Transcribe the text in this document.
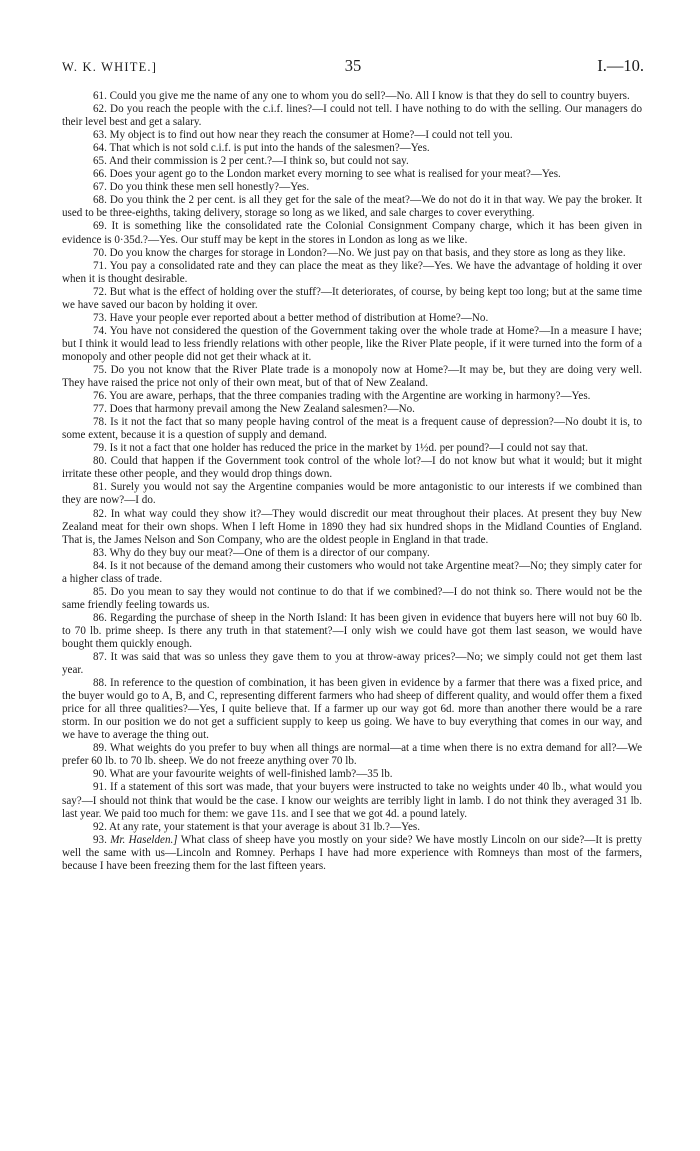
W. K. WHITE.]	35	I.—10.

61. Could you give me the name of any one to whom you do sell?—No. All I know is that they do sell to country buyers.

62. Do you reach the people with the c.i.f. lines?—I could not tell. I have nothing to do with the selling. Our managers do their level best and get a salary.

63. My object is to find out how near they reach the consumer at Home?—I could not tell you.

64. That which is not sold c.i.f. is put into the hands of the salesmen?—Yes.

65. And their commission is 2 per cent.?—I think so, but could not say.

66. Does your agent go to the London market every morning to see what is realised for your meat?—Yes.

67. Do you think these men sell honestly?—Yes.

68. Do you think the 2 per cent. is all they get for the sale of the meat?—We do not do it in that way. We pay the broker. It used to be three-eighths, taking delivery, storage so long as we liked, and sale charges to cover everything.

69. It is something like the consolidated rate the Colonial Consignment Company charge, which it has been given in evidence is 0·35d.?—Yes. Our stuff may be kept in the stores in London as long as we like.

70. Do you know the charges for storage in London?—No. We just pay on that basis, and they store as long as they like.

71. You pay a consolidated rate and they can place the meat as they like?—Yes. We have the advantage of holding it over when it is thought desirable.

72. But what is the effect of holding over the stuff?—It deteriorates, of course, by being kept too long; but at the same time we have saved our bacon by holding it over.

73. Have your people ever reported about a better method of distribution at Home?—No.

74. You have not considered the question of the Government taking over the whole trade at Home?—In a measure I have; but I think it would lead to less friendly relations with other people, like the River Plate people, if it were turned into the form of a monopoly and other people did not get their whack at it.

75. Do you not know that the River Plate trade is a monopoly now at Home?—It may be, but they are doing very well. They have raised the price not only of their own meat, but of that of New Zealand.

76. You are aware, perhaps, that the three companies trading with the Argentine are working in harmony?—Yes.

77. Does that harmony prevail among the New Zealand salesmen?—No.

78. Is it not the fact that so many people having control of the meat is a frequent cause of depression?—No doubt it is, to some extent, because it is a question of supply and demand.

79. Is it not a fact that one holder has reduced the price in the market by 1½d. per pound?—I could not say that.

80. Could that happen if the Government took control of the whole lot?—I do not know but what it would; but it might irritate these other people, and they would drop things down.

81. Surely you would not say the Argentine companies would be more antagonistic to our interests if we combined than they are now?—I do.

82. In what way could they show it?—They would discredit our meat throughout their places. At present they buy New Zealand meat for their own shops. When I left Home in 1890 they had six hundred shops in the Midland Counties of England. That is, the James Nelson and Son Company, who are the oldest people in England in that trade.

83. Why do they buy our meat?—One of them is a director of our company.

84. Is it not because of the demand among their customers who would not take Argentine meat?—No; they simply cater for a higher class of trade.

85. Do you mean to say they would not continue to do that if we combined?—I do not think so. There would not be the same friendly feeling towards us.

86. Regarding the purchase of sheep in the North Island: It has been given in evidence that buyers here will not buy 60 lb. to 70 lb. prime sheep. Is there any truth in that statement?—I only wish we could have got them last season, we would have bought them quickly enough.

87. It was said that was so unless they gave them to you at throw-away prices?—No; we simply could not get them last year.

88. In reference to the question of combination, it has been given in evidence by a farmer that there was a fixed price, and the buyer would go to A, B, and C, representing different farmers who had sheep of different quality, and would offer them a fixed price for all three qualities?—Yes, I quite believe that. If a farmer up our way got 6d. more than another there would be a rare storm. In our position we do not get a sufficient supply to keep us going. We have to buy everything that comes in our way, and we have to average the thing out.

89. What weights do you prefer to buy when all things are normal—at a time when there is no extra demand for all?—We prefer 60 lb. to 70 lb. sheep. We do not freeze anything over 70 lb.

90. What are your favourite weights of well-finished lamb?—35 lb.

91. If a statement of this sort was made, that your buyers were instructed to take no weights under 40 lb., what would you say?—I should not think that would be the case. I know our weights are terribly light in lamb. I do not think they averaged 31 lb. last year. We paid too much for them: we gave 11s. and I see that we got 4d. a pound lately.

92. At any rate, your statement is that your average is about 31 lb.?—Yes.

93. Mr. Haselden.] What class of sheep have you mostly on your side? We have mostly Lincoln on our side?—It is pretty well the same with us—Lincoln and Romney. Perhaps I have had more experience with Romneys than most of the farmers, because I have been freezing them for the last fifteen years.
